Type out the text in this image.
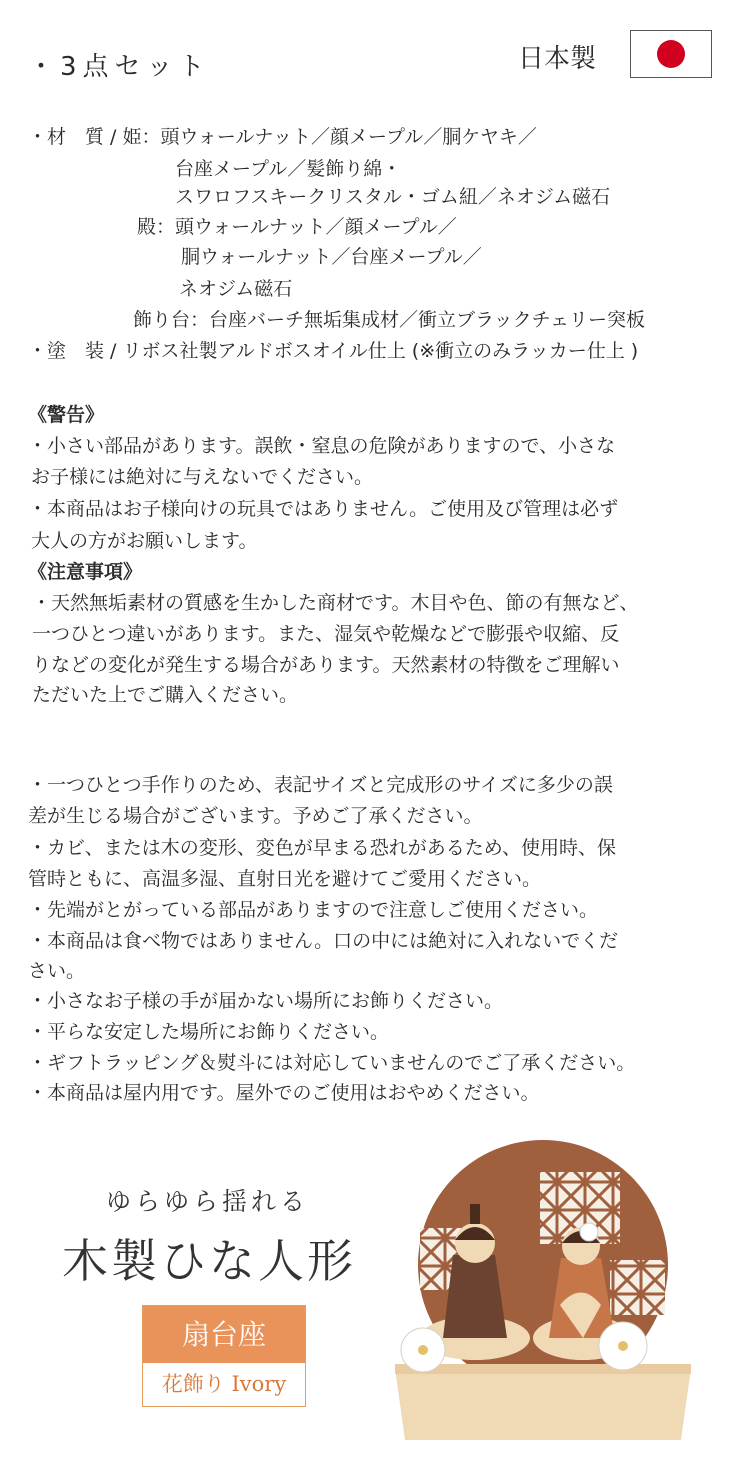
・3点セット	日本製
・材　質 / 姫：頭ウォールナット／顔メープル／胴ケヤキ／
台座メープル／髪飾り綿・
スワロフスキークリスタル・ゴム紐／ネオジム磁石
殿：頭ウォールナット／顔メープル／
胴ウォールナット／台座メープル／
ネオジム磁石
飾り台：台座バーチ無垢集成材／衝立ブラックチェリー突板
・塗　装 / リボス社製アルドボスオイル仕上 (※衝立のみラッカー仕上 )
《警告》
・小さい部品があります。誤飲・窒息の危険がありますので、小さな
お子様には絶対に与えないでください。
・本商品はお子様向けの玩具ではありません。ご使用及び管理は必ず
大人の方がお願いします。
《注意事項》
・天然無垢素材の質感を生かした商材です。木目や色、節の有無など、
一つひとつ違いがあります。また、湿気や乾燥などで膨張や収縮、反
りなどの変化が発生する場合があります。天然素材の特徴をご理解い
ただいた上でご購入ください。
・一つひとつ手作りのため、表記サイズと完成形のサイズに多少の誤
差が生じる場合がございます。予めご了承ください。
・カビ、または木の変形、変色が早まる恐れがあるため、使用時、保
管時ともに、高温多湿、直射日光を避けてご愛用ください。
・先端がとがっている部品がありますので注意しご使用ください。
・本商品は食べ物ではありません。口の中には絶対に入れないでくだ
さい。
・小さなお子様の手が届かない場所にお飾りください。
・平らな安定した場所にお飾りください。
・ギフトラッピング＆熨斗には対応していませんのでご了承ください。
・本商品は屋内用です。屋外でのご使用はおやめください。
ゆらゆら揺れる
木製ひな人形
扇台座
花飾り Ivory
